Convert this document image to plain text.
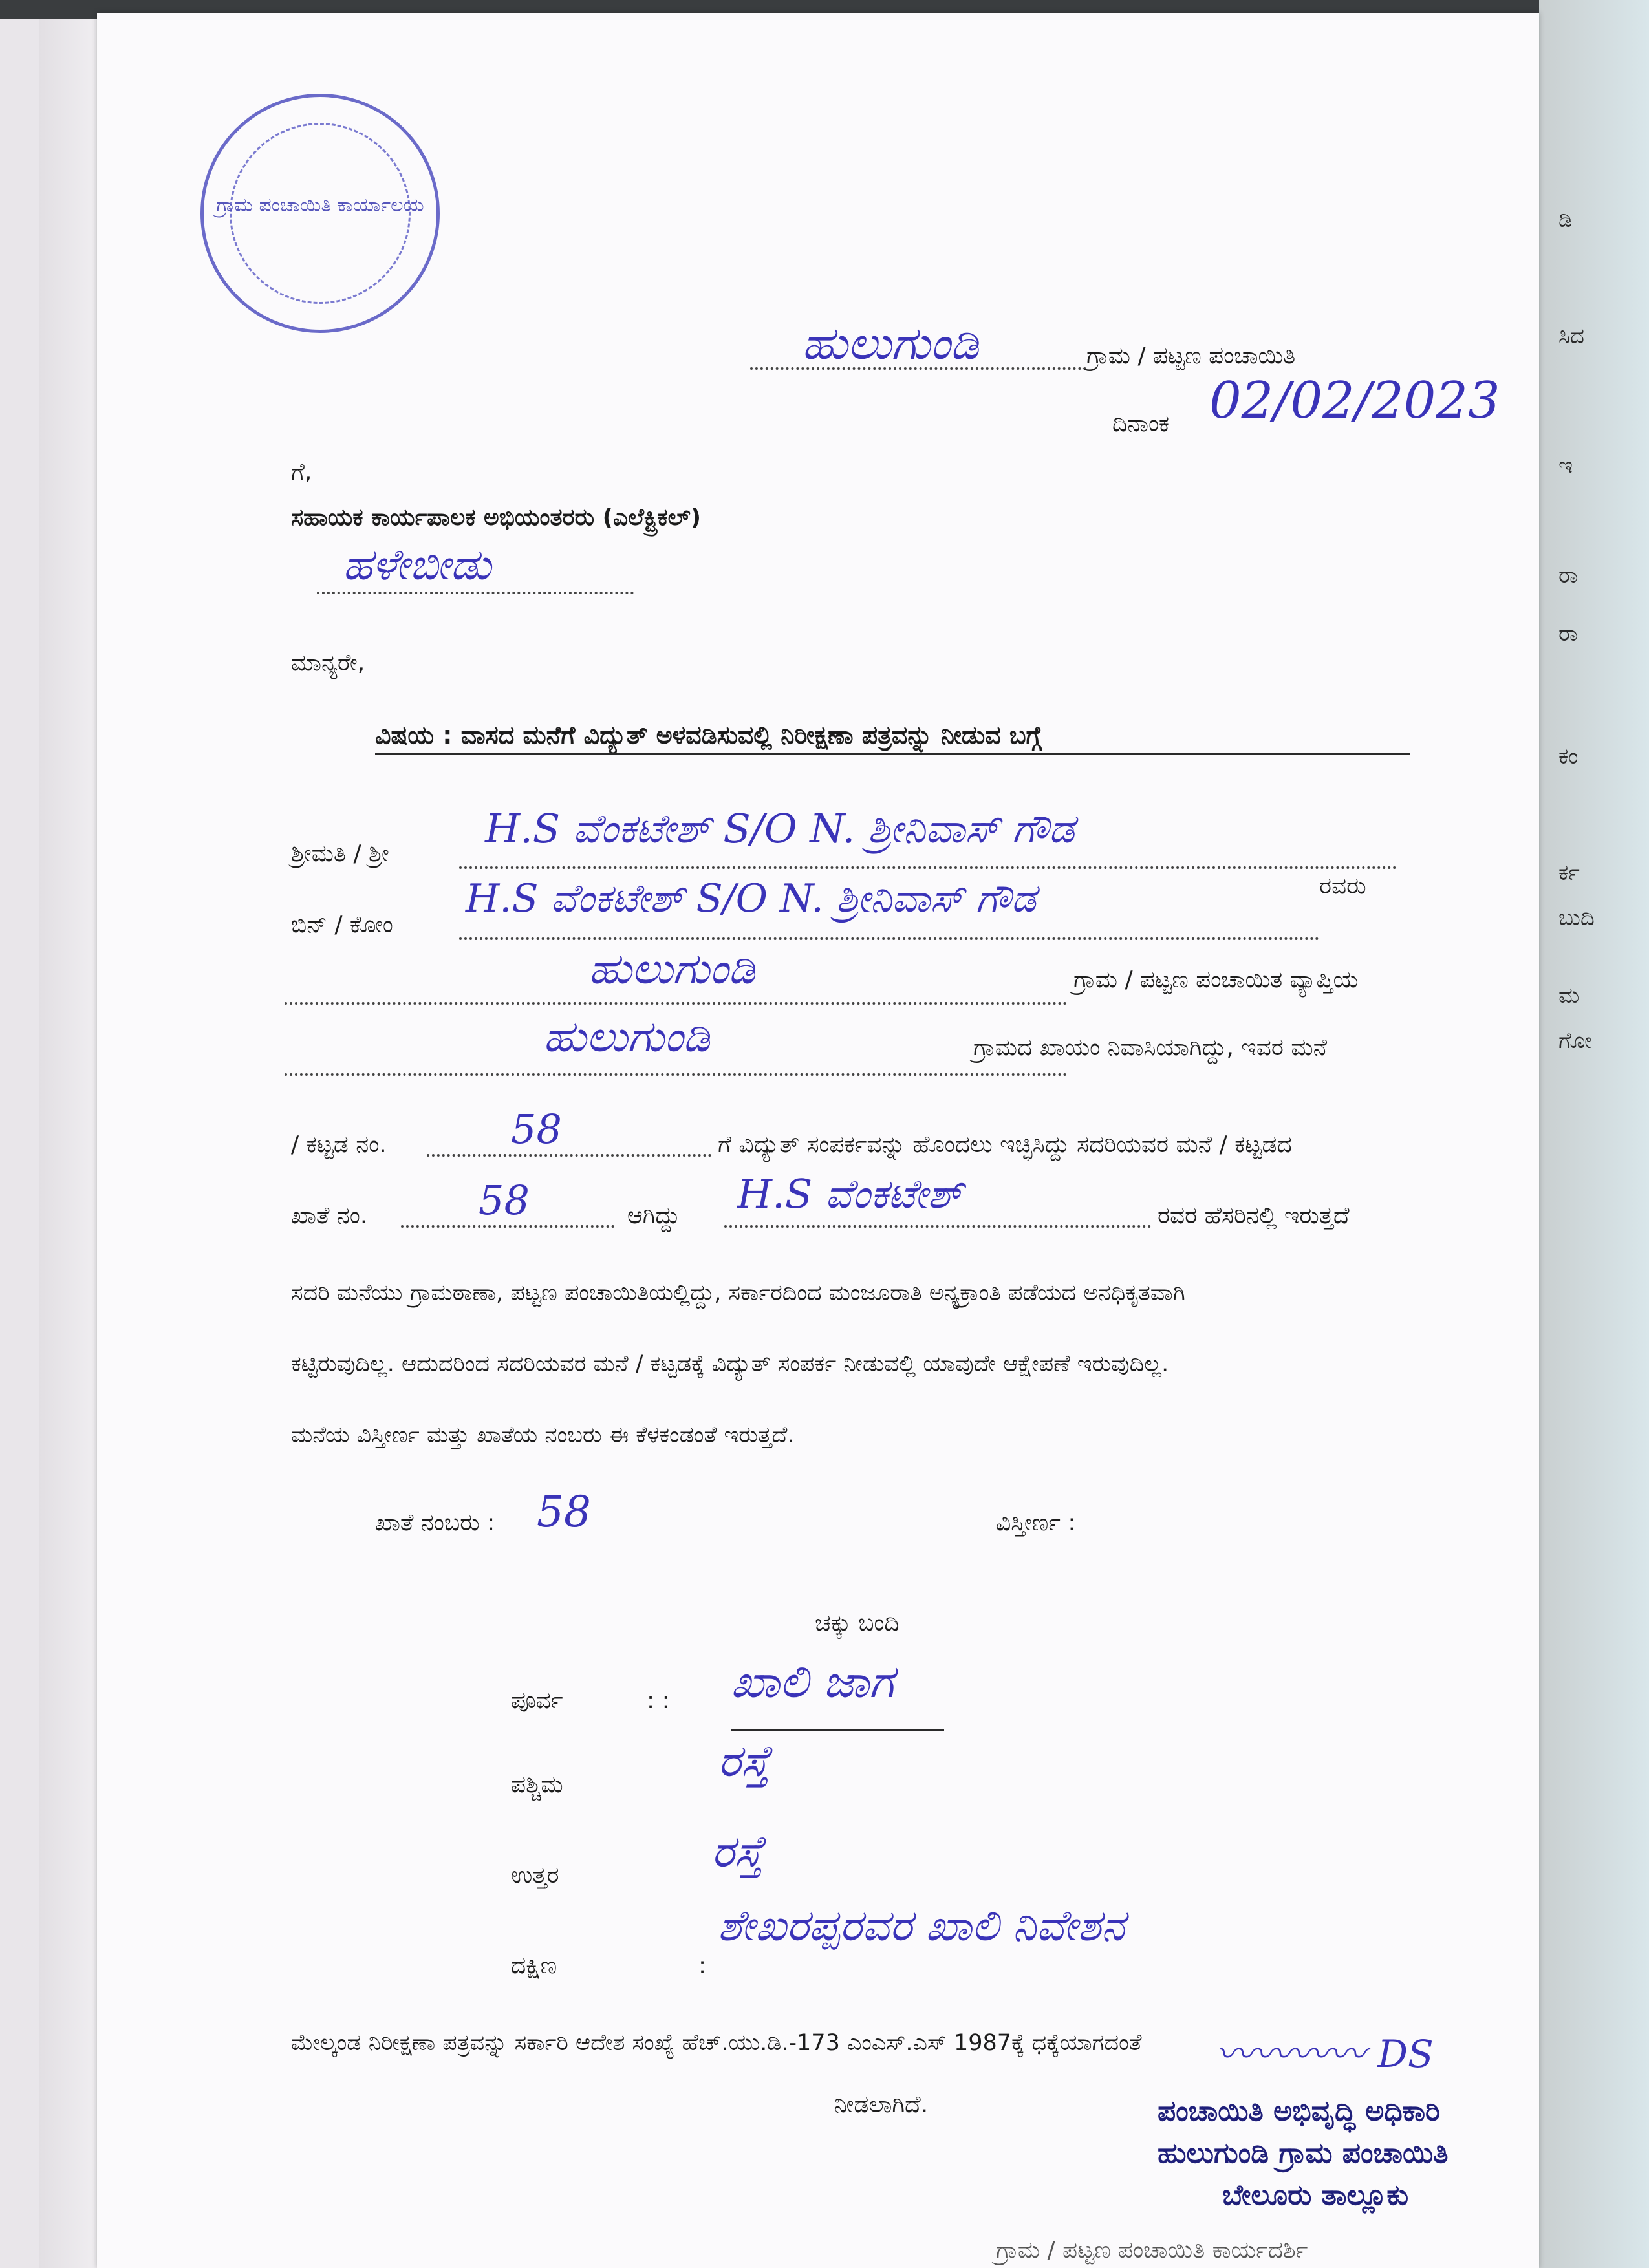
ಡಿ
ಸಿದ
ಇ
ರಾ
ರಾ
ಕಂ
ರ್ಕ
ಬುದಿ
ಮ
ಗೋ
ಗ್ರಾಮ ಪಂಚಾಯಿತಿ ಕಾರ್ಯಾಲಯ
ಹುಲುಗುಂಡಿ	ಗ್ರಾಮ / ಪಟ್ಟಣ ಪಂಚಾಯಿತಿ
ದಿನಾಂಕ 02/02/2023
ಗೆ,
ಸಹಾಯಕ ಕಾರ್ಯಪಾಲಕ ಅಭಿಯಂತರರು (ಎಲೆಕ್ಟ್ರಿಕಲ್)
ಹಳೇಬೀಡು
ಮಾನ್ಯರೇ,
ವಿಷಯ : ವಾಸದ ಮನೆಗೆ ವಿದ್ಯುತ್ ಅಳವಡಿಸುವಲ್ಲಿ ನಿರೀಕ್ಷಣಾ ಪತ್ರವನ್ನು ನೀಡುವ ಬಗ್ಗೆ
ಶ್ರೀಮತಿ / ಶ್ರೀ
H.S ವೆಂಕಟೇಶ್ S/O N. ಶ್ರೀನಿವಾಸ್ ಗೌಡ
ಬಿನ್ / ಕೋಂ
H.S ವೆಂಕಟೇಶ್ S/O N. ಶ್ರೀನಿವಾಸ್ ಗೌಡ	ರವರು
ಹುಲುಗುಂಡಿ	ಗ್ರಾಮ / ಪಟ್ಟಣ ಪಂಚಾಯಿತ ವ್ಯಾಪ್ತಿಯ
ಹುಲುಗುಂಡಿ	ಗ್ರಾಮದ ಖಾಯಂ ನಿವಾಸಿಯಾಗಿದ್ದು, ಇವರ ಮನೆ
/ ಕಟ್ಟಡ ನಂ.	58	ಗೆ ವಿದ್ಯುತ್ ಸಂಪರ್ಕವನ್ನು ಹೊಂದಲು ಇಚ್ಛಿಸಿದ್ದು ಸದರಿಯವರ ಮನೆ / ಕಟ್ಟಡದ
ಖಾತೆ ನಂ.	58	ಆಗಿದ್ದು H.S ವೆಂಕಟೇಶ್	ರವರ ಹೆಸರಿನಲ್ಲಿ ಇರುತ್ತದೆ
ಸದರಿ ಮನೆಯು ಗ್ರಾಮಠಾಣಾ, ಪಟ್ಟಣ ಪಂಚಾಯಿತಿಯಲ್ಲಿದ್ದು, ಸರ್ಕಾರದಿಂದ ಮಂಜೂರಾತಿ ಅನ್ಯಕ್ರಾಂತಿ ಪಡೆಯದ ಅನಧಿಕೃತವಾಗಿ
ಕಟ್ಟಿರುವುದಿಲ್ಲ. ಆದುದರಿಂದ ಸದರಿಯವರ ಮನೆ / ಕಟ್ಟಡಕ್ಕೆ ವಿದ್ಯುತ್ ಸಂಪರ್ಕ ನೀಡುವಲ್ಲಿ ಯಾವುದೇ ಆಕ್ಷೇಪಣೆ ಇರುವುದಿಲ್ಲ.
ಮನೆಯ ವಿಸ್ತೀರ್ಣ ಮತ್ತು ಖಾತೆಯ ನಂಬರು ಈ ಕೆಳಕಂಡಂತೆ ಇರುತ್ತದೆ.
ಖಾತೆ ನಂಬರು : 58	ವಿಸ್ತೀರ್ಣ :
ಚಕ್ಕು ಬಂದಿ
ಪೂರ್ವ	: : ಖಾಲಿ ಜಾಗ
ಪಶ್ಚಿಮ	ರಸ್ತೆ
ಉತ್ತರ	ರಸ್ತೆ
ದಕ್ಷಿಣ	:
ಶೇಖರಪ್ಪರವರ ಖಾಲಿ ನಿವೇಶನ
ಮೇಲ್ಕಂಡ ನಿರೀಕ್ಷಣಾ ಪತ್ರವನ್ನು ಸರ್ಕಾರಿ ಆದೇಶ ಸಂಖ್ಯೆ ಹೆಚ್.ಯು.ಡಿ.-173 ಎಂಎಸ್.ಎಸ್ 1987ಕ್ಕೆ ಧಕ್ಕೆಯಾಗದಂತೆ
ನೀಡಲಾಗಿದೆ.
〰〰〰〰 DS
ಪಂಚಾಯಿತಿ ಅಭಿವೃದ್ಧಿ ಅಧಿಕಾರಿ
ಹುಲುಗುಂಡಿ ಗ್ರಾಮ ಪಂಚಾಯಿತಿ
ಬೇಲೂರು ತಾಲ್ಲೂಕು
ಗ್ರಾಮ / ಪಟ್ಟಣ ಪಂಚಾಯಿತಿ ಕಾರ್ಯದರ್ಶಿ
